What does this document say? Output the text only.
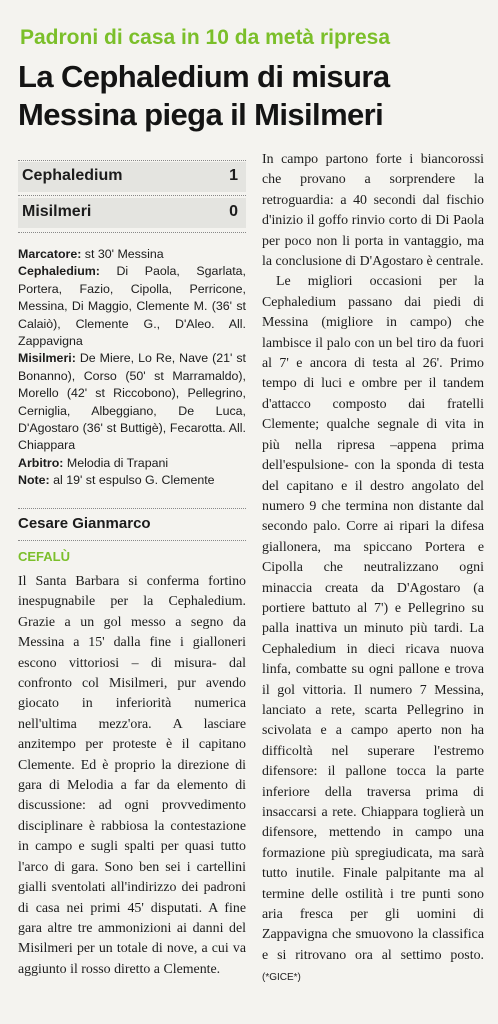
Padroni di casa in 10 da metà ripresa
La Cephaledium di misura
Messina piega il Misilmeri
Cephaledium	1
Misilmeri	0

Marcatore: st 30' Messina

Cephaledium: Di Paola, Sgarlata, Portera, Fazio, Cipolla, Perricone, Messina, Di Maggio, Clemente M. (36' st Calaiò), Clemente G., D'Aleo. All. Zappavigna

Misilmeri: De Miere, Lo Re, Nave (21' st Bonanno), Corso (50' st Marramaldo), Morello (42' st Riccobono), Pellegrino, Cerniglia, Albeggiano, De Luca, D'Agostaro (36' st Buttigè), Fecarotta. All. Chiappara

Arbitro: Melodia di Trapani

Note: al 19' st espulso G. Clemente

Cesare Gianmarco
CEFALÙ

Il Santa Barbara si conferma fortino inespugnabile per la Cephaledium. Grazie a un gol messo a segno da Messina a 15' dalla fine i gialloneri escono vittoriosi – di misura- dal confronto col Misilmeri, pur avendo giocato in inferiorità numerica nell'ultima mezz'ora. A lasciare anzitempo per proteste è il capitano Clemente. Ed è proprio la direzione di gara di Melodia a far da elemento di discussione: ad ogni provvedimento disciplinare è rabbiosa la contestazione in campo e sugli spalti per quasi tutto l'arco di gara. Sono ben sei i cartellini gialli sventolati all'indirizzo dei padroni di casa nei primi 45' disputati. A fine gara altre tre ammonizioni ai danni del Misilmeri per un totale di nove, a cui va aggiunto il rosso diretto a Clemente.

In campo partono forte i biancorossi che provano a sorprendere la retroguardia: a 40 secondi dal fischio d'inizio il goffo rinvio corto di Di Paola per poco non li porta in vantaggio, ma la conclusione di D'Agostaro è centrale.

Le migliori occasioni per la Cephaledium passano dai piedi di Messina (migliore in campo) che lambisce il palo con un bel tiro da fuori al 7' e ancora di testa al 26'. Primo tempo di luci e ombre per il tandem d'attacco composto dai fratelli Clemente; qualche segnale di vita in più nella ripresa –appena prima dell'espulsione- con la sponda di testa del capitano e il destro angolato del numero 9 che termina non distante dal secondo palo. Corre ai ripari la difesa giallonera, ma spiccano Portera e Cipolla che neutralizzano ogni minaccia creata da D'Agostaro (a portiere battuto al 7') e Pellegrino su palla inattiva un minuto più tardi. La Cephaledium in dieci ricava nuova linfa, combatte su ogni pallone e trova il gol vittoria. Il numero 7 Messina, lanciato a rete, scarta Pellegrino in scivolata e a campo aperto non ha difficoltà nel superare l'estremo difensore: il pallone tocca la parte inferiore della traversa prima di insaccarsi a rete. Chiappara toglierà un difensore, mettendo in campo una formazione più spregiudicata, ma sarà tutto inutile. Finale palpitante ma al termine delle ostilità i tre punti sono aria fresca per gli uomini di Zappavigna che smuovono la classifica e si ritrovano ora al settimo posto. (*GICE*)
